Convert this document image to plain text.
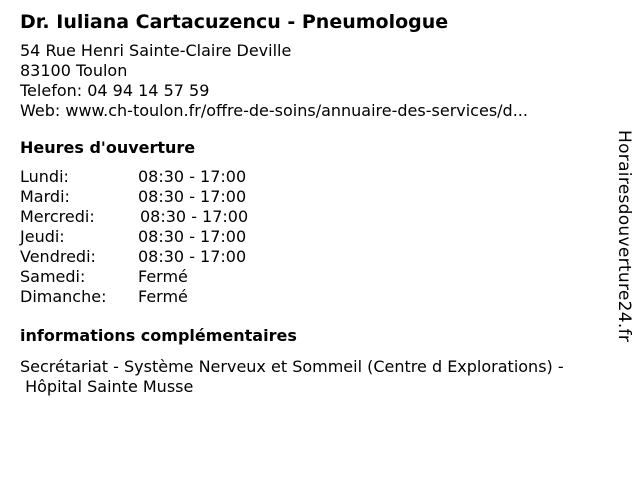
Dr. Iuliana Cartacuzencu - Pneumologue
54 Rue Henri Sainte-Claire Deville
83100 Toulon
Telefon: 04 94 14 57 59
Web: www.ch-toulon.fr/offre-de-soins/annuaire-des-services/d...
Heures d'ouverture
Lundi:	08:30 - 17:00
Mardi:	08:30 - 17:00
Mercredi:	08:30 - 17:00
Jeudi:	08:30 - 17:00
Vendredi:	08:30 - 17:00
Samedi:	Fermé
Dimanche:	Fermé
informations complémentaires
Secrétariat - Système Nerveux et Sommeil (Centre d Explorations) -
Hôpital Sainte Musse
Horairesdouverture24.fr
